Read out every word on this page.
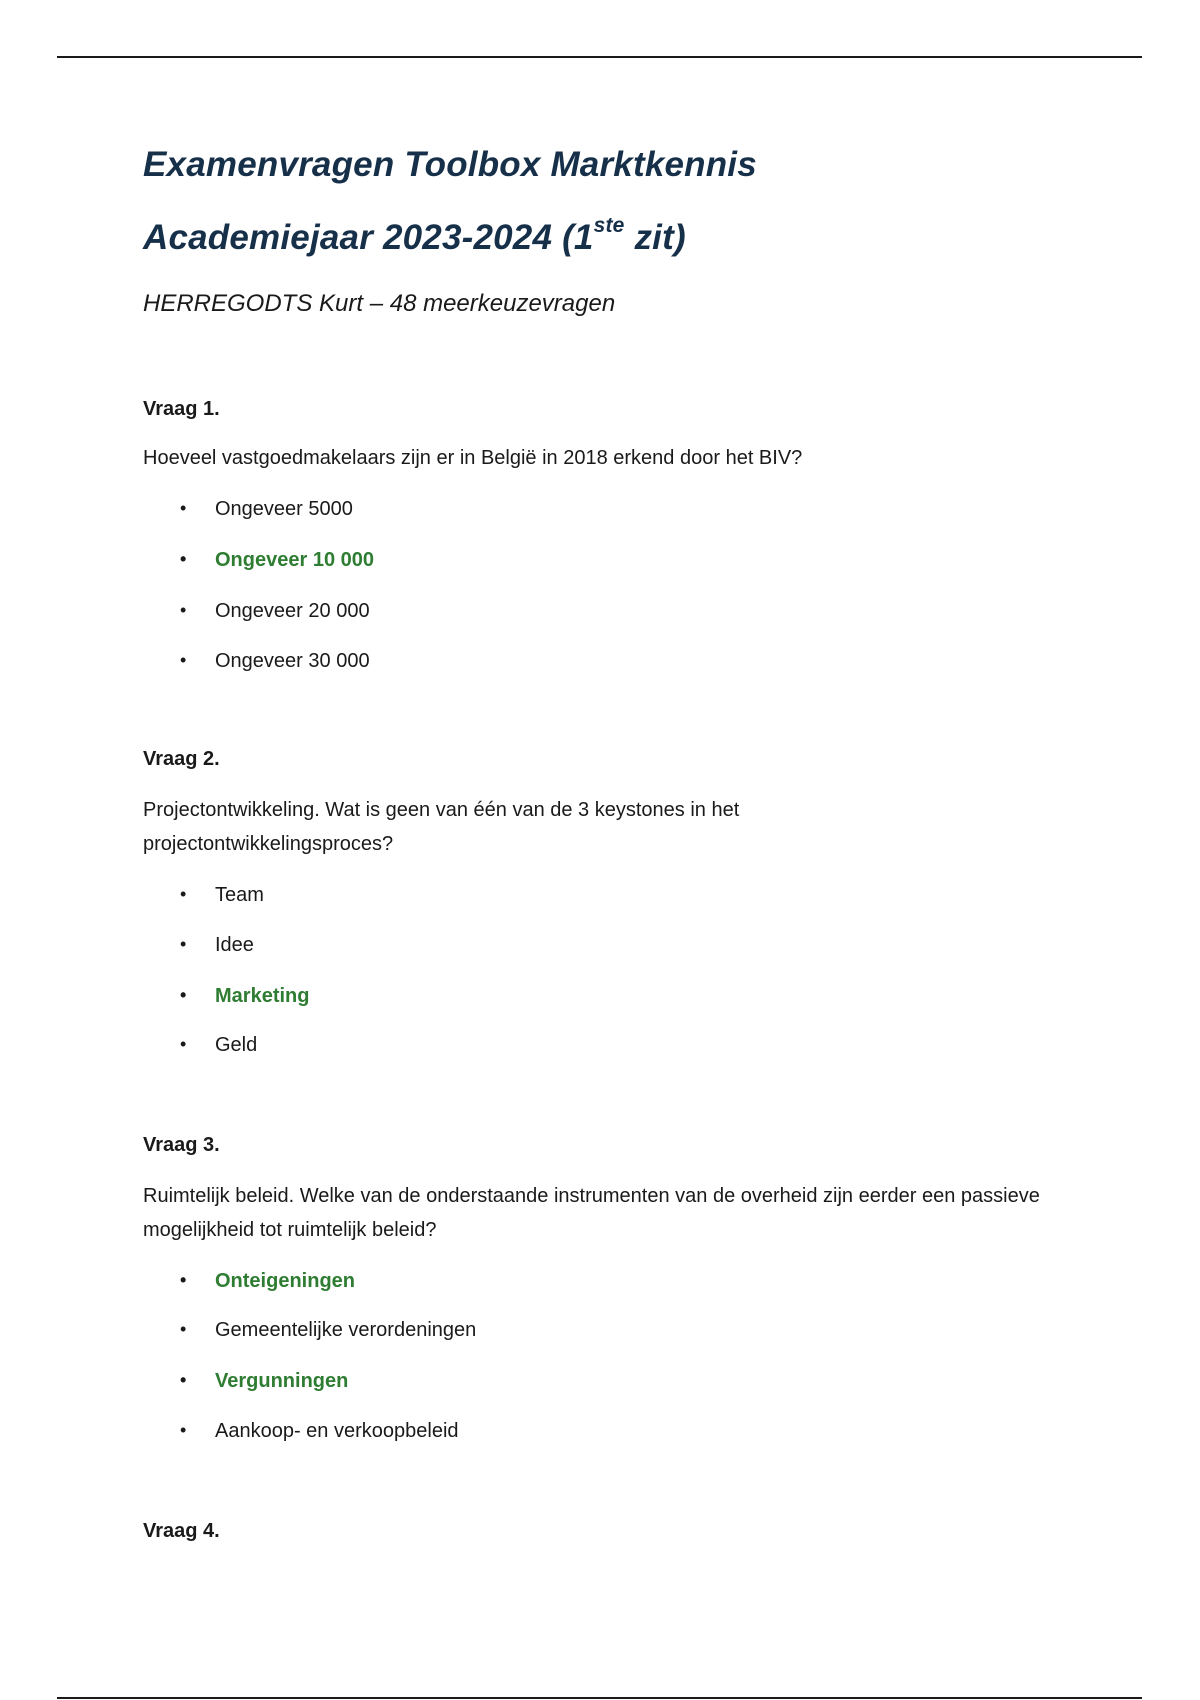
Examenvragen Toolbox Marktkennis
Academiejaar 2023-2024 (1ste zit)

HERREGODTS Kurt – 48 meerkeuzevragen

Vraag 1.

Hoeveel vastgoedmakelaars zijn er in België in 2018 erkend door het BIV?

• Ongeveer 5000

• Ongeveer 10 000

• Ongeveer 20 000

• Ongeveer 30 000

Vraag 2.

Projectontwikkeling. Wat is geen van één van de 3 keystones in het projectontwikkelingsproces?

• Team

• Idee

• Marketing

• Geld

Vraag 3.

Ruimtelijk beleid. Welke van de onderstaande instrumenten van de overheid zijn eerder een passieve mogelijkheid tot ruimtelijk beleid?

• Onteigeningen

• Gemeentelijke verordeningen

• Vergunningen

• Aankoop- en verkoopbeleid

Vraag 4.
